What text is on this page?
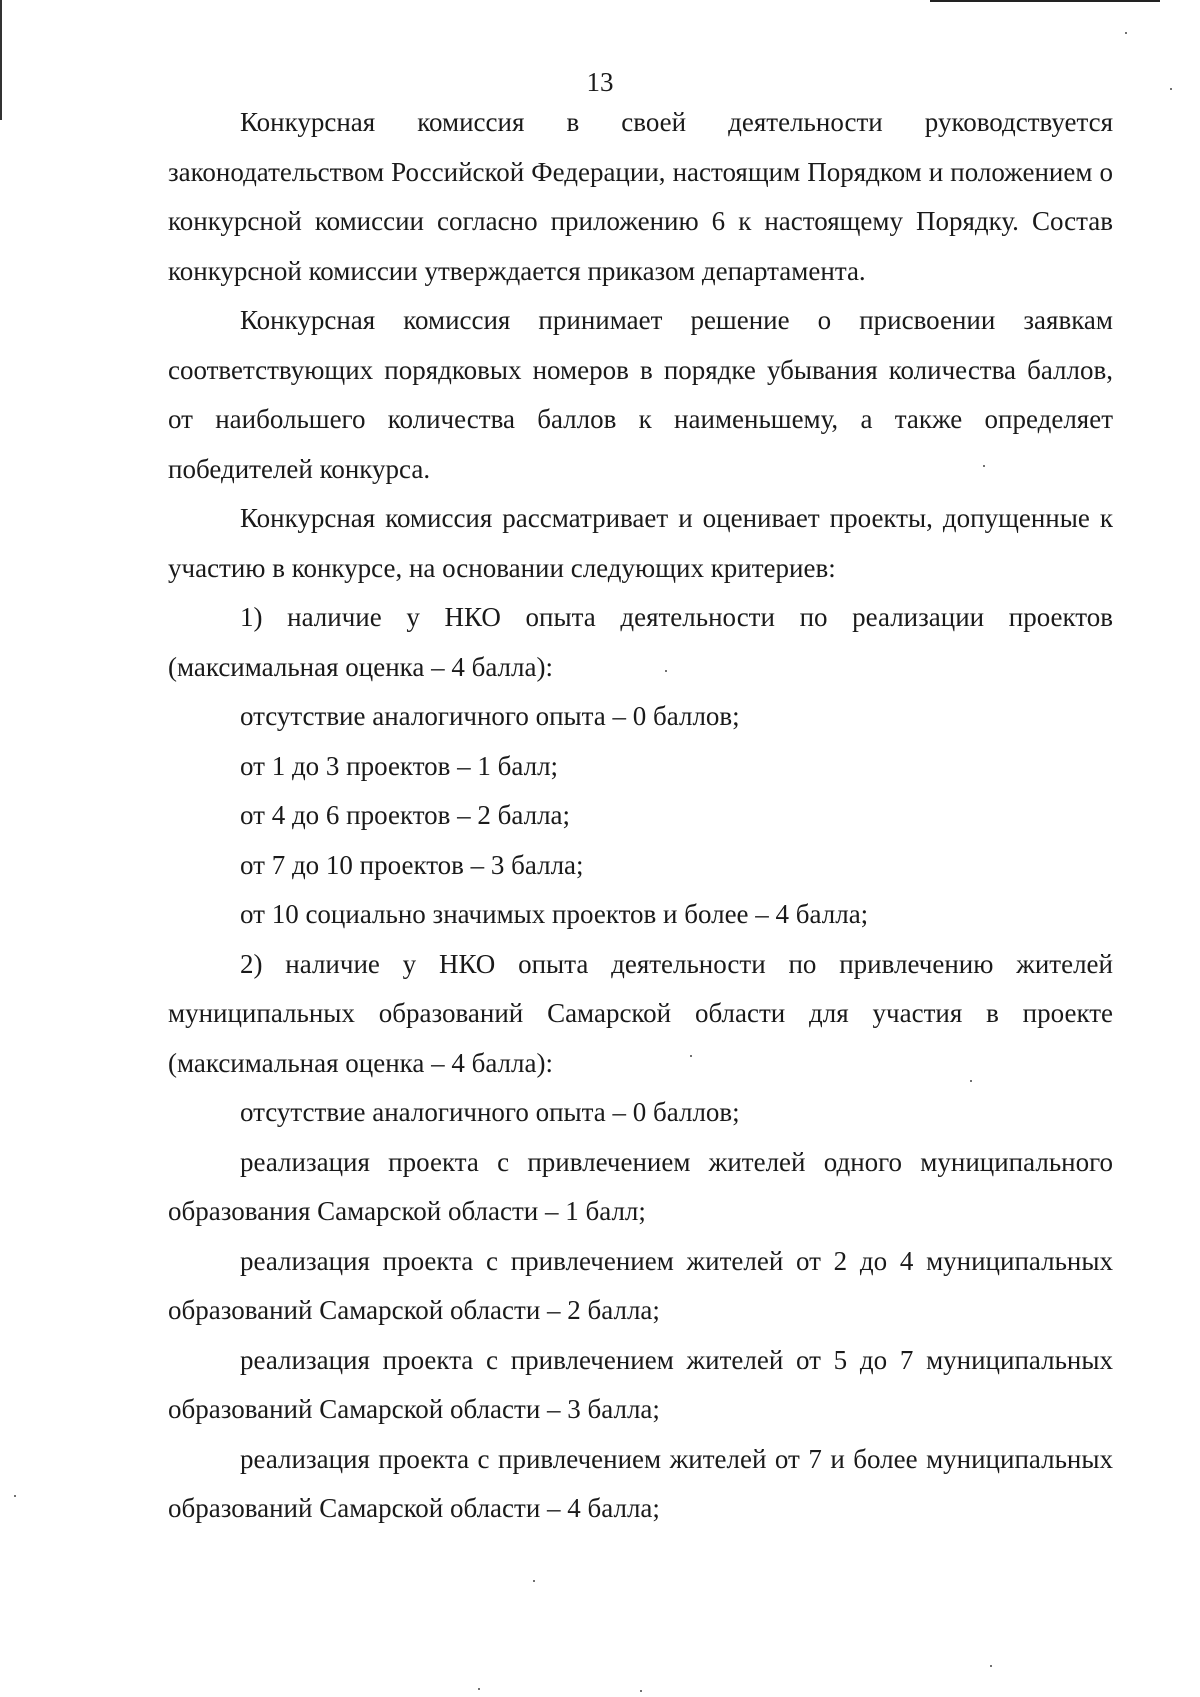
13

Конкурсная комиссия в своей деятельности руководствуется законодательством Российской Федерации, настоящим Порядком и положением о конкурсной комиссии согласно приложению 6 к настоящему Порядку. Состав конкурсной комиссии утверждается приказом департамента.

Конкурсная комиссия принимает решение о присвоении заявкам соответствующих порядковых номеров в порядке убывания количества баллов, от наибольшего количества баллов к наименьшему, а также определяет победителей конкурса.

Конкурсная комиссия рассматривает и оценивает проекты, допущенные к участию в конкурсе, на основании следующих критериев:

1) наличие у НКО опыта деятельности по реализации проектов (максимальная оценка – 4 балла):

отсутствие аналогичного опыта – 0 баллов;

от 1 до 3 проектов – 1 балл;

от 4 до 6 проектов – 2 балла;

от 7 до 10 проектов – 3 балла;

от 10 социально значимых проектов и более – 4 балла;

2) наличие у НКО опыта деятельности по привлечению жителей муниципальных образований Самарской области для участия в проекте (максимальная оценка – 4 балла):

отсутствие аналогичного опыта – 0 баллов;

реализация проекта с привлечением жителей одного муниципального образования Самарской области – 1 балл;

реализация проекта с привлечением жителей от 2 до 4 муниципальных образований Самарской области – 2 балла;

реализация проекта с привлечением жителей от 5 до 7 муниципальных образований Самарской области – 3 балла;

реализация проекта с привлечением жителей от 7 и более муниципальных образований Самарской области – 4 балла;
